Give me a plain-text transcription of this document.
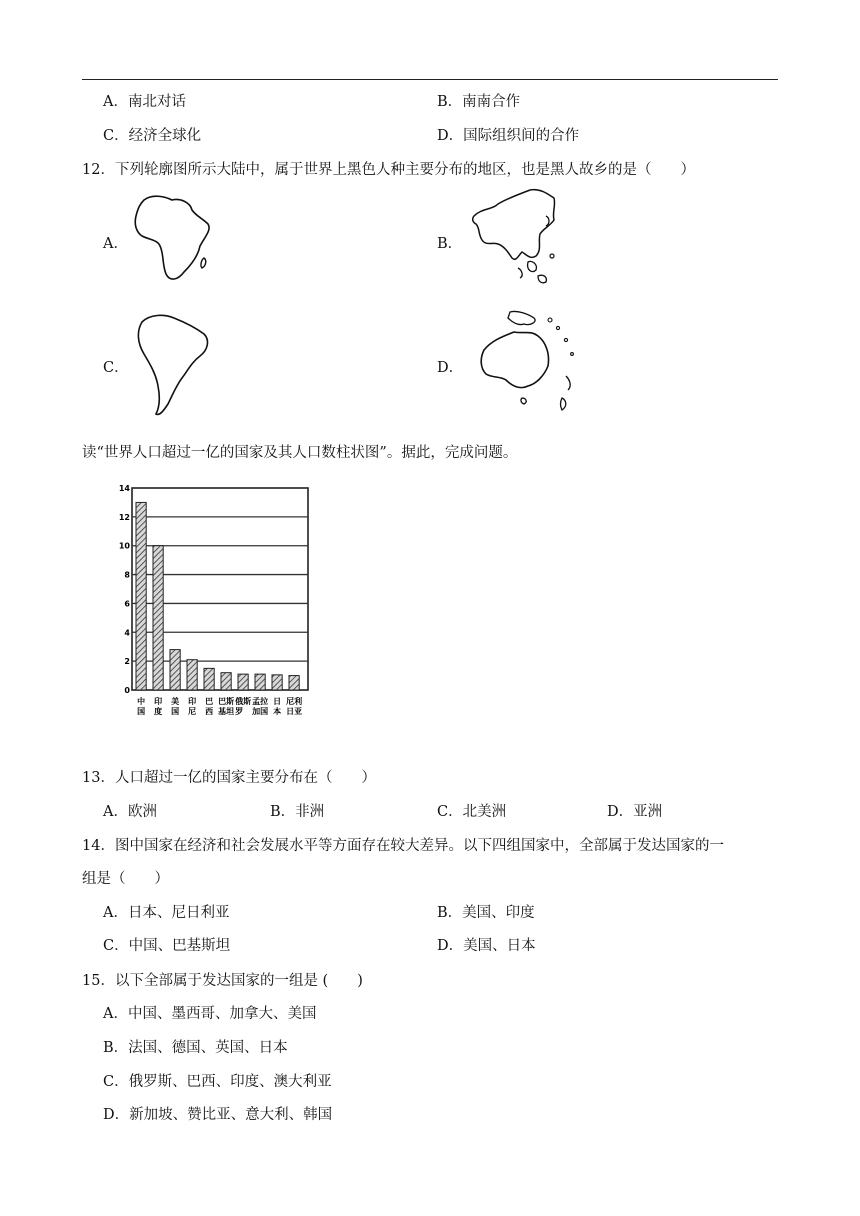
A．南北对话	B．南南合作
C．经济全球化	D．国际组织间的合作
12．下列轮廓图所示大陆中，属于世界上黑色人种主要分布的地区，也是黑人故乡的是（　　）
A．	B．
C．	D．
读“世界人口超过一亿的国家及其人口数柱状图”。据此，完成问题。
0
2
4
6
8
10
12
14
中国
印度
美国
印尼
巴西
巴基斯坦
俄罗斯 孟加拉国
日本
尼日利亚
13．人口超过一亿的国家主要分布在（　　）
A．欧洲	B．非洲	C．北美洲	D．亚洲
14．图中国家在经济和社会发展水平等方面存在较大差异。以下四组国家中，全部属于发达国家的一
组是（　　）
A．日本、尼日利亚	B．美国、印度
C．中国、巴基斯坦	D．美国、日本
15．以下全部属于发达国家的一组是 (　　)
A．中国、墨西哥、加拿大、美国
B．法国、德国、英国、日本
C．俄罗斯、巴西、印度、澳大利亚
D．新加坡、赞比亚、意大利、韩国
